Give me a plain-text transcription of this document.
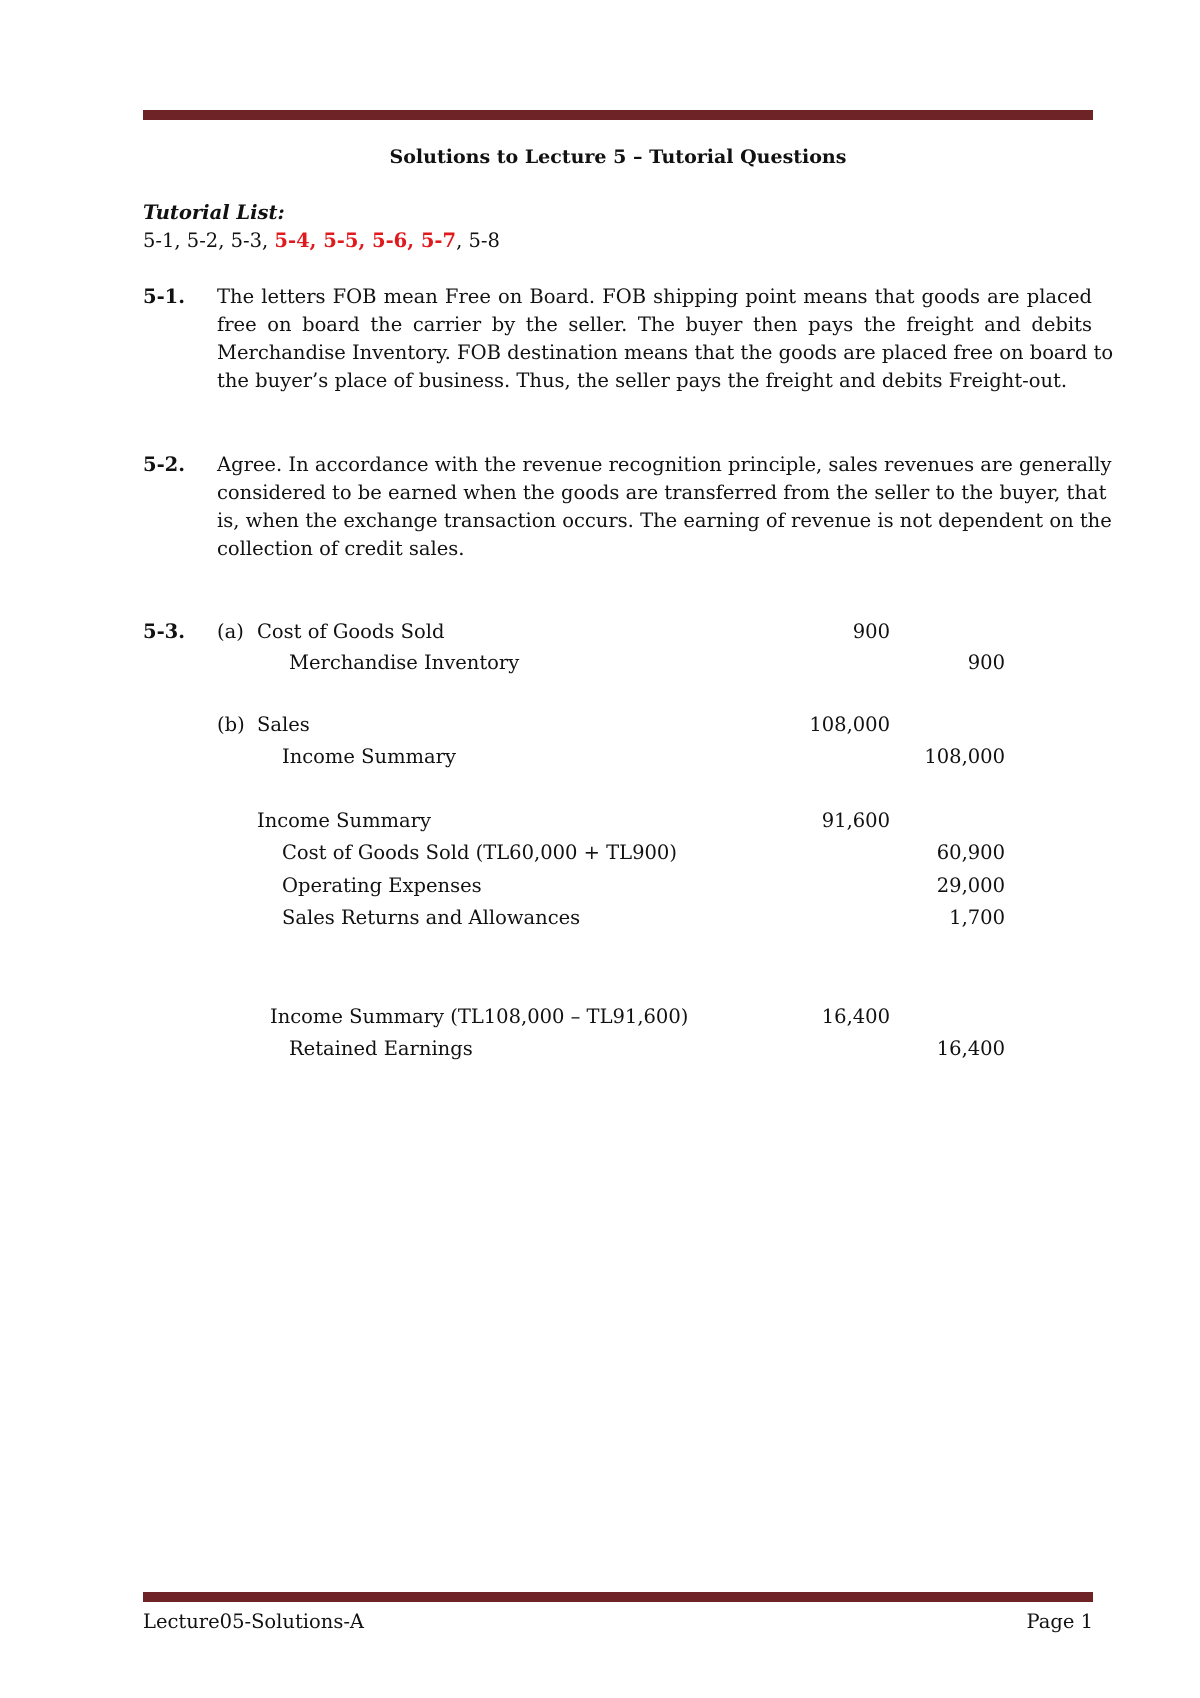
Solutions to Lecture 5 – Tutorial Questions
Tutorial List:
5-1, 5-2, 5-3, 5-4, 5-5, 5-6, 5-7, 5-8
5-1. The letters FOB mean Free on Board. FOB shipping point means that goods are placed
free on board the carrier by the seller. The buyer then pays the freight and debits
Merchandise Inventory. FOB destination means that the goods are placed free on board to
the buyer’s place of business. Thus, the seller pays the freight and debits Freight-out.
5-2. Agree. In accordance with the revenue recognition principle, sales revenues are generally
considered to be earned when the goods are transferred from the seller to the buyer, that
is, when the exchange transaction occurs. The earning of revenue is not dependent on the
collection of credit sales.
5-3. (a) Cost of Goods Sold	900
Merchandise Inventory	900
(b) Sales	108,000
Income Summary	108,000
Income Summary	91,600
Cost of Goods Sold (TL60,000 + TL900)	60,900
Operating Expenses	29,000
Sales Returns and Allowances	1,700
Income Summary (TL108,000 – TL91,600)	16,400
Retained Earnings	16,400
Lecture05-Solutions-A	Page 1
